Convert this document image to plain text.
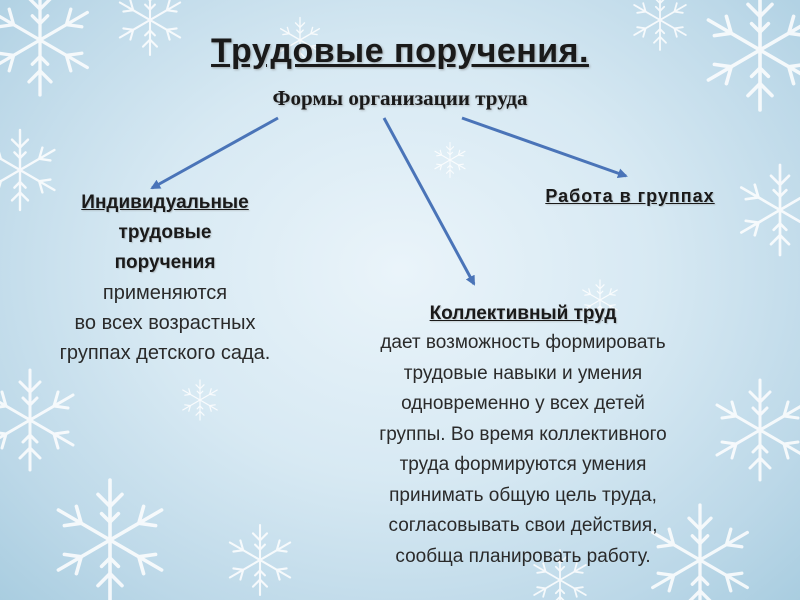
Трудовые поручения.
Формы организации труда
Индивидуальные
трудовые
поручения
применяются
во всех возрастных
группах детского сада.
Работа в группах
Коллективный труд
дает возможность формировать
трудовые навыки и умения
одновременно у всех детей
группы. Во время коллективного
труда формируются умения
принимать общую цель труда,
согласовывать свои действия,
сообща планировать работу.
